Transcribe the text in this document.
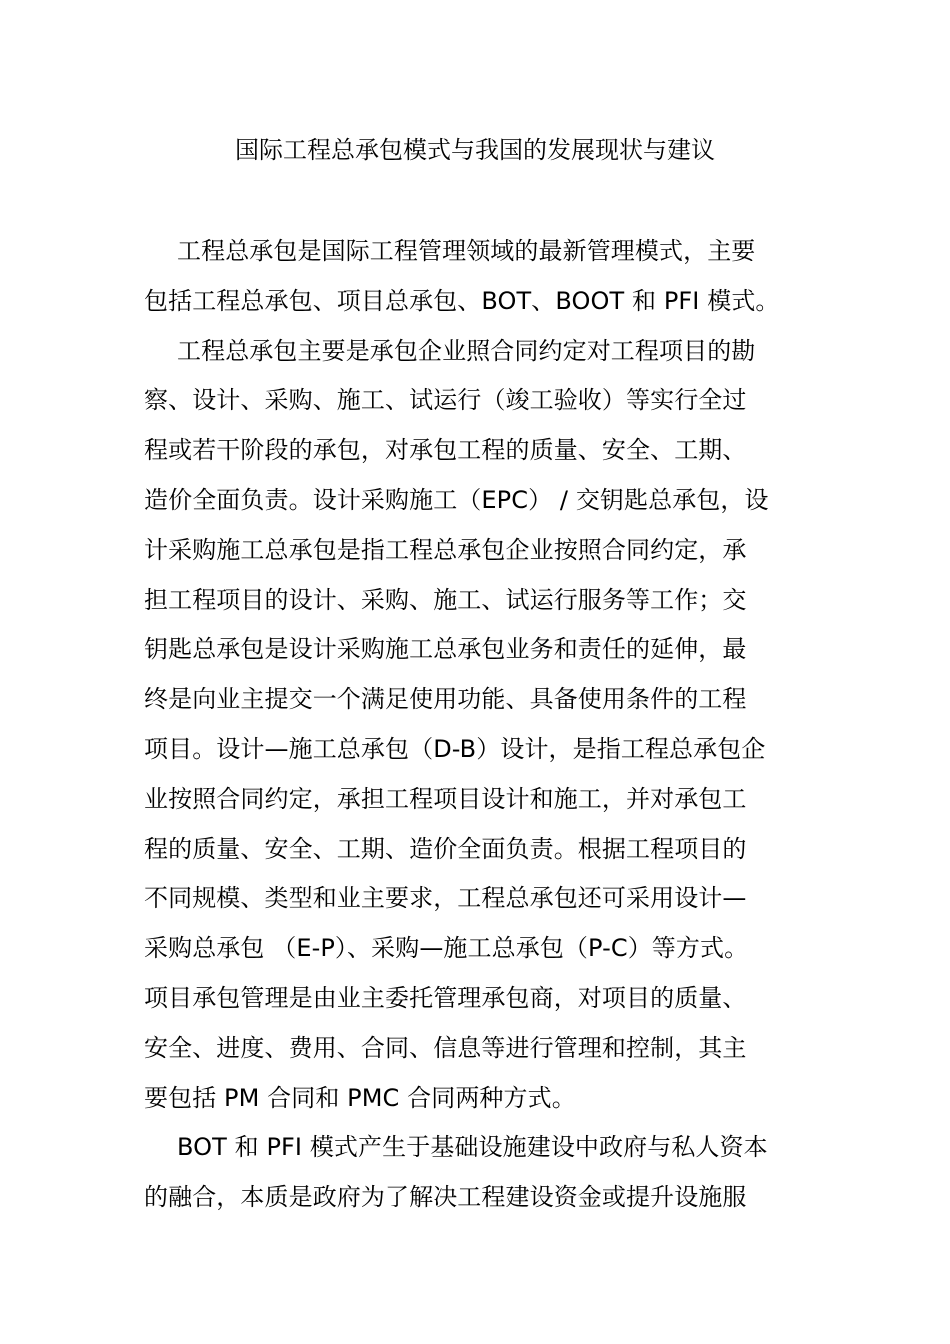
国际工程总承包模式与我国的发展现状与建议

工程总承包是国际工程管理领域的最新管理模式，主要
包括工程总承包、项目总承包、BOT、BOOT 和 PFI 模式。

工程总承包主要是承包企业照合同约定对工程项目的勘
察、设计、采购、施工、试运行（竣工验收）等实行全过
程或若干阶段的承包，对承包工程的质量、安全、工期、
造价全面负责。设计采购施工（EPC） / 交钥匙总承包，设
计采购施工总承包是指工程总承包企业按照合同约定，承
担工程项目的设计、采购、施工、试运行服务等工作；交
钥匙总承包是设计采购施工总承包业务和责任的延伸，最
终是向业主提交一个满足使用功能、具备使用条件的工程
项目。设计—施工总承包（D-B）设计，是指工程总承包企
业按照合同约定，承担工程项目设计和施工，并对承包工
程的质量、安全、工期、造价全面负责。根据工程项目的
不同规模、类型和业主要求，工程总承包还可采用设计—
采购总承包 （E-P）、采购—施工总承包（P-C）等方式。
项目承包管理是由业主委托管理承包商，对项目的质量、
安全、进度、费用、合同、信息等进行管理和控制，其主
要包括 PM 合同和 PMC 合同两种方式。

BOT 和 PFI 模式产生于基础设施建设中政府与私人资本
的融合，本质是政府为了解决工程建设资金或提升设施服
